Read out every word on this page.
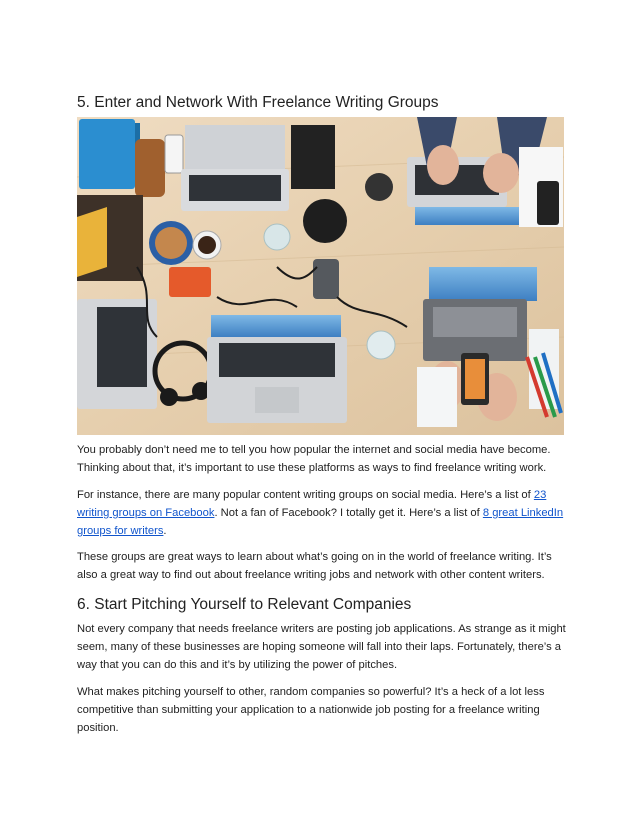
5. Enter and Network With Freelance Writing Groups

You probably don’t need me to tell you how popular the internet and social media have become. Thinking about that, it’s important to use these platforms as ways to find freelance writing work.

For instance, there are many popular content writing groups on social media. Here’s a list of 23 writing groups on Facebook. Not a fan of Facebook? I totally get it. Here’s a list of 8 great LinkedIn groups for writers.

These groups are great ways to learn about what’s going on in the world of freelance writing. It’s also a great way to find out about freelance writing jobs and network with other content writers.

6. Start Pitching Yourself to Relevant Companies

Not every company that needs freelance writers are posting job applications. As strange as it might seem, many of these businesses are hoping someone will fall into their laps. Fortunately, there’s a way that you can do this and it’s by utilizing the power of pitches.

What makes pitching yourself to other, random companies so powerful? It’s a heck of a lot less competitive than submitting your application to a nationwide job posting for a freelance writing position.
